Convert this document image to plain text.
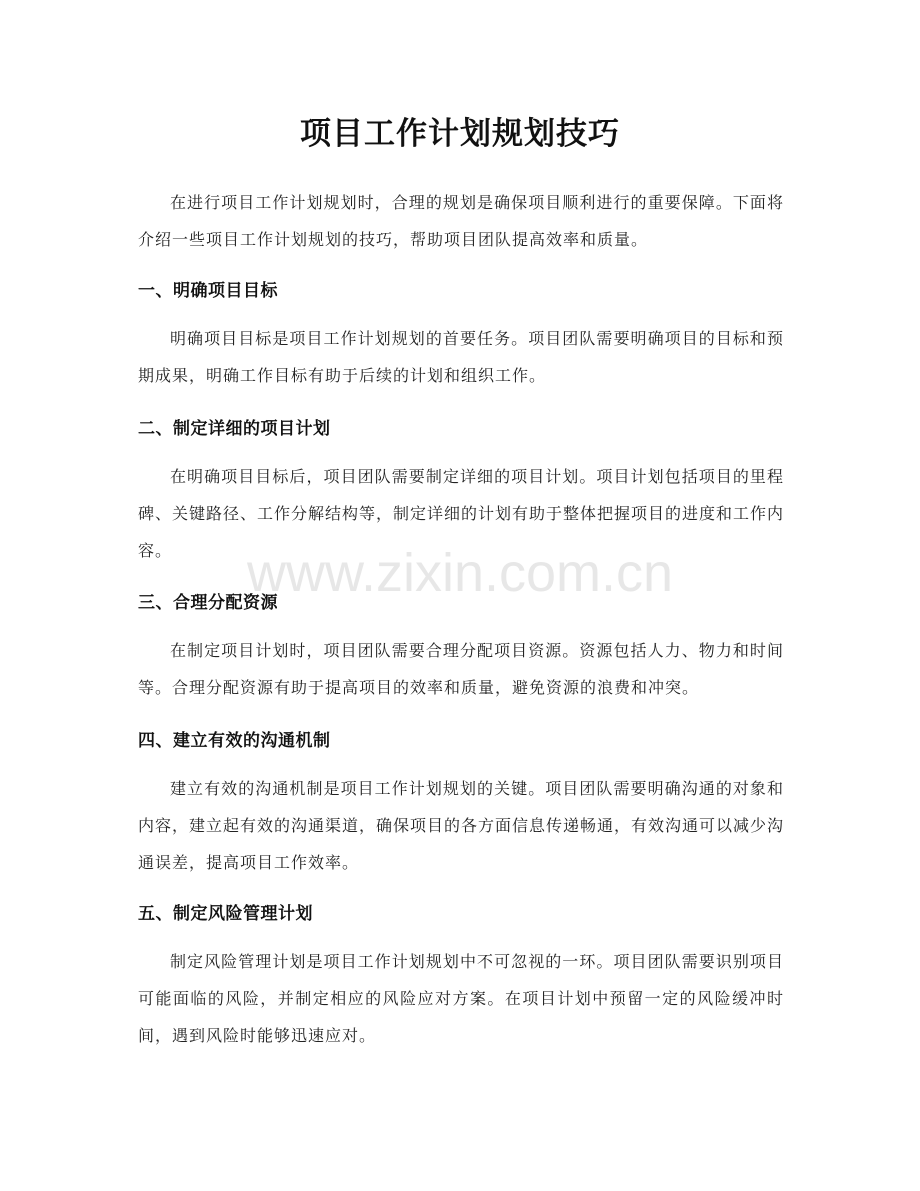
项目工作计划规划技巧

在进行项目工作计划规划时，合理的规划是确保项目顺利进行的重要保障。下面将介绍一些项目工作计划规划的技巧，帮助项目团队提高效率和质量。

一、明确项目目标

明确项目目标是项目工作计划规划的首要任务。项目团队需要明确项目的目标和预期成果，明确工作目标有助于后续的计划和组织工作。

二、制定详细的项目计划

在明确项目目标后，项目团队需要制定详细的项目计划。项目计划包括项目的里程碑、关键路径、工作分解结构等，制定详细的计划有助于整体把握项目的进度和工作内容。

三、合理分配资源

在制定项目计划时，项目团队需要合理分配项目资源。资源包括人力、物力和时间等。合理分配资源有助于提高项目的效率和质量，避免资源的浪费和冲突。

四、建立有效的沟通机制

建立有效的沟通机制是项目工作计划规划的关键。项目团队需要明确沟通的对象和内容，建立起有效的沟通渠道，确保项目的各方面信息传递畅通，有效沟通可以减少沟通误差，提高项目工作效率。

五、制定风险管理计划

制定风险管理计划是项目工作计划规划中不可忽视的一环。项目团队需要识别项目可能面临的风险，并制定相应的风险应对方案。在项目计划中预留一定的风险缓冲时间，遇到风险时能够迅速应对。

www.zixin.com.cn
